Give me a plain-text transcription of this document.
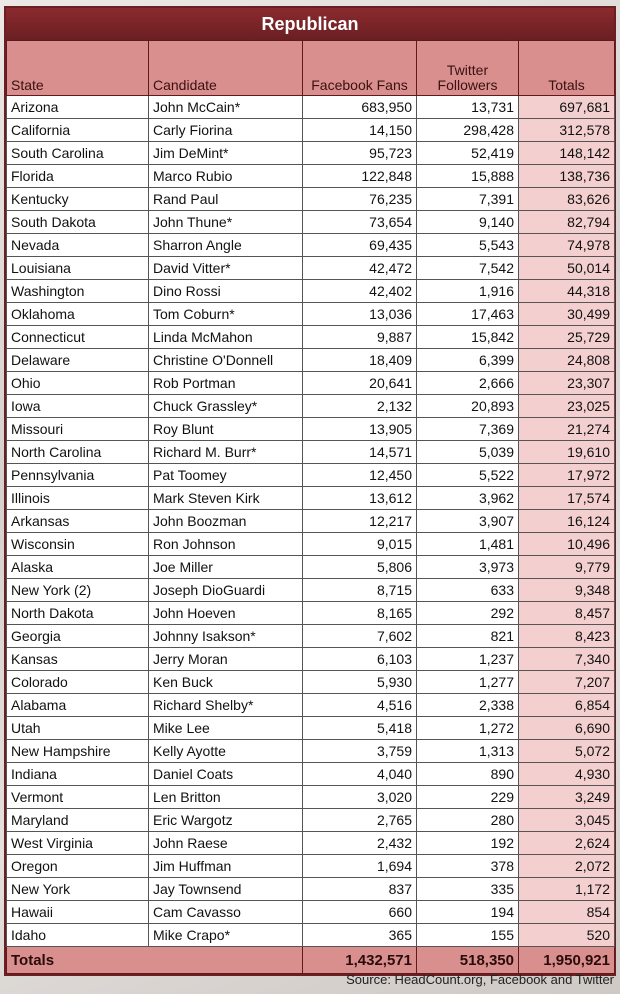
Republican
State	Candidate	Facebook Fans	Twitter Followers	Totals
Arizona	John McCain*	683,950	13,731	697,681
California	Carly Fiorina	14,150	298,428	312,578
South Carolina	Jim DeMint*	95,723	52,419	148,142
Florida	Marco Rubio	122,848	15,888	138,736
Kentucky	Rand Paul	76,235	7,391	83,626
South Dakota	John Thune*	73,654	9,140	82,794
Nevada	Sharron Angle	69,435	5,543	74,978
Louisiana	David Vitter*	42,472	7,542	50,014
Washington	Dino Rossi	42,402	1,916	44,318
Oklahoma	Tom Coburn*	13,036	17,463	30,499
Connecticut	Linda McMahon	9,887	15,842	25,729
Delaware	Christine O'Donnell	18,409	6,399	24,808
Ohio	Rob Portman	20,641	2,666	23,307
Iowa	Chuck Grassley*	2,132	20,893	23,025
Missouri	Roy Blunt	13,905	7,369	21,274
North Carolina	Richard M. Burr*	14,571	5,039	19,610
Pennsylvania	Pat Toomey	12,450	5,522	17,972
Illinois	Mark Steven Kirk	13,612	3,962	17,574
Arkansas	John Boozman	12,217	3,907	16,124
Wisconsin	Ron Johnson	9,015	1,481	10,496
Alaska	Joe Miller	5,806	3,973	9,779
New York (2)	Joseph DioGuardi	8,715	633	9,348
North Dakota	John Hoeven	8,165	292	8,457
Georgia	Johnny Isakson*	7,602	821	8,423
Kansas	Jerry Moran	6,103	1,237	7,340
Colorado	Ken Buck	5,930	1,277	7,207
Alabama	Richard Shelby*	4,516	2,338	6,854
Utah	Mike Lee	5,418	1,272	6,690
New Hampshire	Kelly Ayotte	3,759	1,313	5,072
Indiana	Daniel Coats	4,040	890	4,930
Vermont	Len Britton	3,020	229	3,249
Maryland	Eric Wargotz	2,765	280	3,045
West Virginia	John Raese	2,432	192	2,624
Oregon	Jim Huffman	1,694	378	2,072
New York	Jay Townsend	837	335	1,172
Hawaii	Cam Cavasso	660	194	854
Idaho	Mike Crapo*	365	155	520
Totals		1,432,571	518,350	1,950,921
Source: HeadCount.org, Facebook and Twitter
